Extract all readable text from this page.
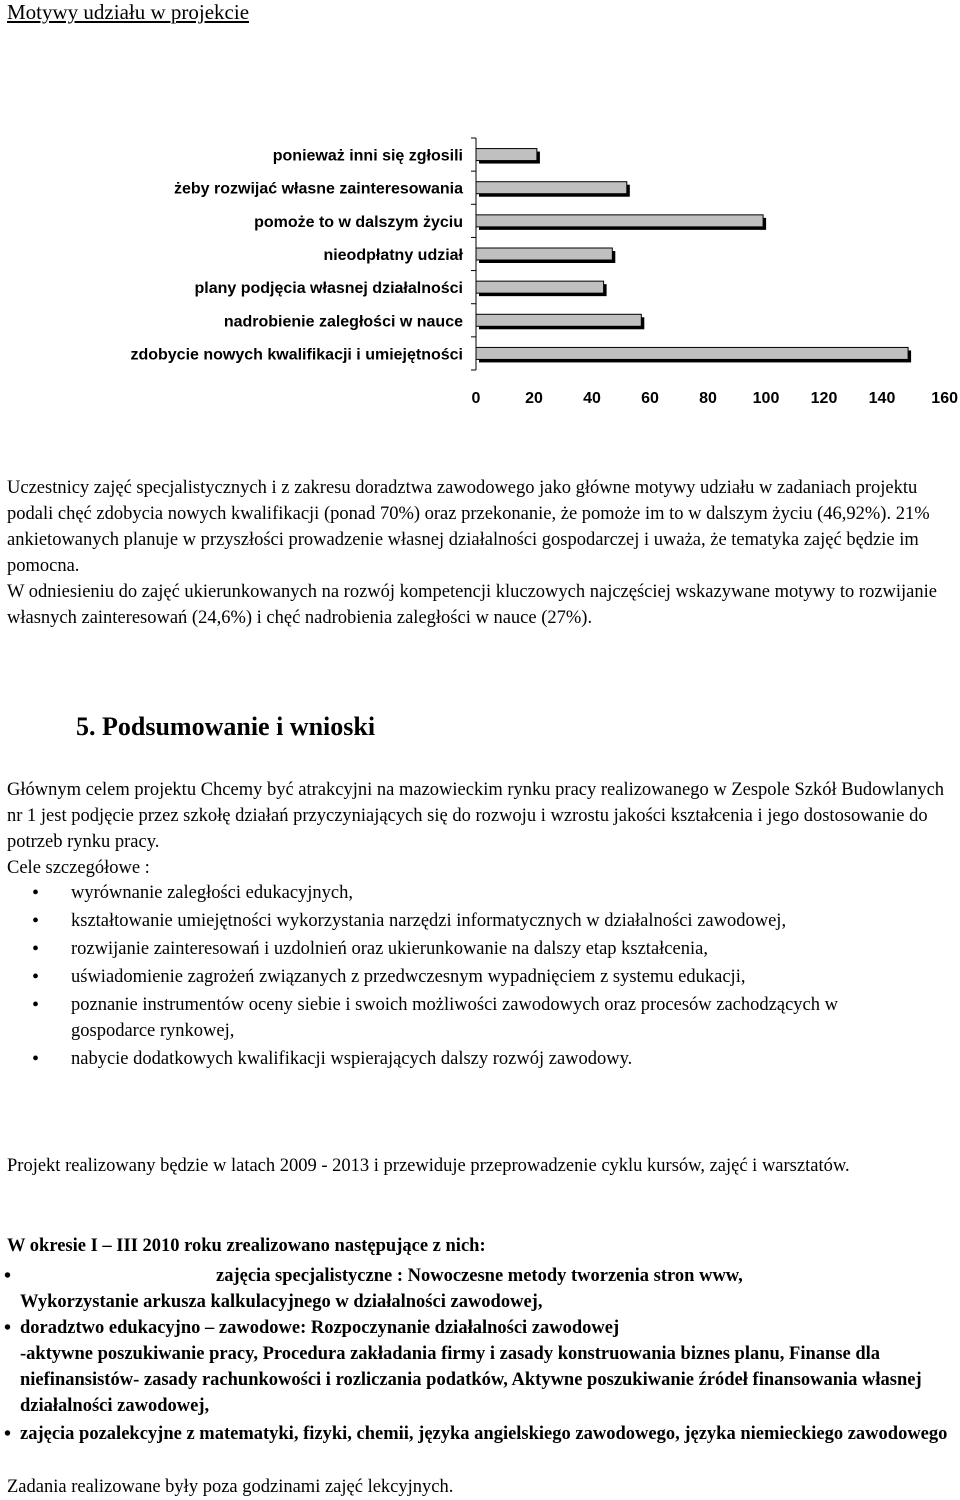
Motywy udziału w projekcie
ponieważ inni się zgłosili
żeby rozwijać własne zainteresowania
pomoże to w dalszym życiu
nieodpłatny udział
plany podjęcia własnej działalności
nadrobienie zaległości w nauce
zdobycie nowych kwalifikacji i umiejętności
0	20	40	60	80 100 120 140 160

Uczestnicy zajęć specjalistycznych i z zakresu doradztwa zawodowego jako główne motywy udziału w zadaniach projektu podali chęć zdobycia nowych kwalifikacji (ponad 70%) oraz przekonanie, że pomoże im to w dalszym życiu (46,92%). 21% ankietowanych planuje w przyszłości prowadzenie własnej działalności gospodarczej i uważa, że tematyka zajęć będzie im pomocna.

W odniesieniu do zajęć ukierunkowanych na rozwój kompetencji kluczowych najczęściej wskazywane motywy to rozwijanie własnych zainteresowań (24,6%) i chęć nadrobienia zaległości w nauce (27%).

5. Podsumowanie i wnioski

Głównym celem projektu Chcemy być atrakcyjni na mazowieckim rynku pracy realizowanego w Zespole Szkół Budowlanych nr 1 jest podjęcie przez szkołę działań przyczyniających się do rozwoju i wzrostu jakości kształcenia i jego dostosowanie do potrzeb rynku pracy.

Cele szczegółowe :

• wyrównanie zaległości edukacyjnych,
• kształtowanie umiejętności wykorzystania narzędzi informatycznych w działalności zawodowej,
• rozwijanie zainteresowań i uzdolnień oraz ukierunkowanie na dalszy etap kształcenia,
• uświadomienie zagrożeń związanych z przedwczesnym wypadnięciem z systemu edukacji,
• poznanie instrumentów oceny siebie i swoich możliwości zawodowych oraz procesów zachodzących w gospodarce rynkowej,
• nabycie dodatkowych kwalifikacji wspierających dalszy rozwój zawodowy.

Projekt realizowany będzie w latach 2009 - 2013 i przewiduje przeprowadzenie cyklu kursów, zajęć i warsztatów.

W okresie I – III 2010 roku zrealizowano następujące z nich:

•	zajęcia specjalistyczne : Nowoczesne metody tworzenia stron www,
Wykorzystanie arkusza kalkulacyjnego w działalności zawodowej,
• doradztwo edukacyjno – zawodowe: Rozpoczynanie działalności zawodowej
-aktywne poszukiwanie pracy, Procedura zakładania firmy i zasady konstruowania biznes planu, Finanse dla niefinansistów- zasady rachunkowości i rozliczania podatków, Aktywne poszukiwanie źródeł finansowania własnej działalności zawodowej,
• zajęcia pozalekcyjne z matematyki, fizyki, chemii, języka angielskiego zawodowego, języka niemieckiego zawodowego

Zadania realizowane były poza godzinami zajęć lekcyjnych.
